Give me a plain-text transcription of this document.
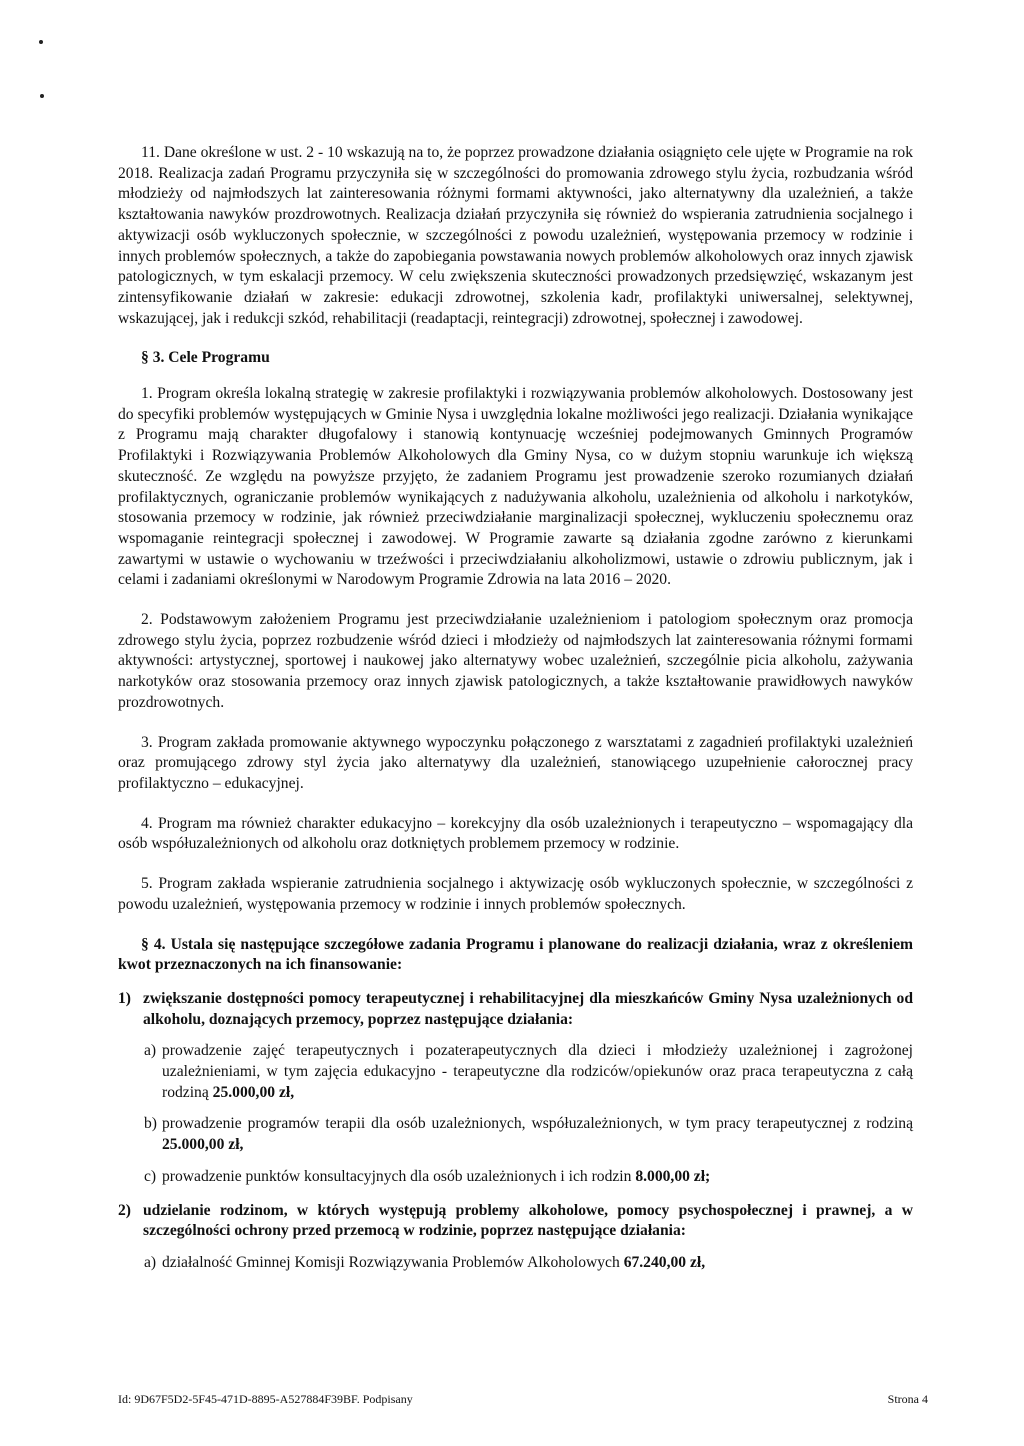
11. Dane określone w ust. 2 - 10 wskazują na to, że poprzez prowadzone działania osiągnięto cele ujęte w Programie na rok 2018. Realizacja zadań Programu przyczyniła się w szczególności do promowania zdrowego stylu życia, rozbudzania wśród młodzieży od najmłodszych lat zainteresowania różnymi formami aktywności, jako alternatywny dla uzależnień, a także kształtowania nawyków prozdrowotnych. Realizacja działań przyczyniła się również do wspierania zatrudnienia socjalnego i aktywizacji osób wykluczonych społecznie, w szczególności z powodu uzależnień, występowania przemocy w rodzinie i innych problemów społecznych, a także do zapobiegania powstawania nowych problemów alkoholowych oraz innych zjawisk patologicznych, w tym eskalacji przemocy. W celu zwiększenia skuteczności prowadzonych przedsięwzięć, wskazanym jest zintensyfikowanie działań w zakresie: edukacji zdrowotnej, szkolenia kadr, profilaktyki uniwersalnej, selektywnej, wskazującej, jak i redukcji szkód, rehabilitacji (readaptacji, reintegracji) zdrowotnej, społecznej i zawodowej.

§ 3. Cele Programu

1. Program określa lokalną strategię w zakresie profilaktyki i rozwiązywania problemów alkoholowych. Dostosowany jest do specyfiki problemów występujących w Gminie Nysa i uwzględnia lokalne możliwości jego realizacji. Działania wynikające z Programu mają charakter długofalowy i stanowią kontynuację wcześniej podejmowanych Gminnych Programów Profilaktyki i Rozwiązywania Problemów Alkoholowych dla Gminy Nysa, co w dużym stopniu warunkuje ich większą skuteczność. Ze względu na powyższe przyjęto, że zadaniem Programu jest prowadzenie szeroko rozumianych działań profilaktycznych, ograniczanie problemów wynikających z nadużywania alkoholu, uzależnienia od alkoholu i narkotyków, stosowania przemocy w rodzinie, jak również przeciwdziałanie marginalizacji społecznej, wykluczeniu społecznemu oraz wspomaganie reintegracji społecznej i zawodowej. W Programie zawarte są działania zgodne zarówno z kierunkami zawartymi w ustawie o wychowaniu w trzeźwości i przeciwdziałaniu alkoholizmowi, ustawie o zdrowiu publicznym, jak i celami i zadaniami określonymi w Narodowym Programie Zdrowia na lata 2016 – 2020.

2. Podstawowym założeniem Programu jest przeciwdziałanie uzależnieniom i patologiom społecznym oraz promocja zdrowego stylu życia, poprzez rozbudzenie wśród dzieci i młodzieży od najmłodszych lat zainteresowania różnymi formami aktywności: artystycznej, sportowej i naukowej jako alternatywy wobec uzależnień, szczególnie picia alkoholu, zażywania narkotyków oraz stosowania przemocy oraz innych zjawisk patologicznych, a także kształtowanie prawidłowych nawyków prozdrowotnych.

3. Program zakłada promowanie aktywnego wypoczynku połączonego z warsztatami z zagadnień profilaktyki uzależnień oraz promującego zdrowy styl życia jako alternatywy dla uzależnień, stanowiącego uzupełnienie całorocznej pracy profilaktyczno – edukacyjnej.

4. Program ma również charakter edukacyjno – korekcyjny dla osób uzależnionych i terapeutyczno – wspomagający dla osób współuzależnionych od alkoholu oraz dotkniętych problemem przemocy w rodzinie.

5. Program zakłada wspieranie zatrudnienia socjalnego i aktywizację osób wykluczonych społecznie, w szczególności z powodu uzależnień, występowania przemocy w rodzinie i innych problemów społecznych.

§ 4. Ustala się następujące szczegółowe zadania Programu i planowane do realizacji działania, wraz z określeniem kwot przeznaczonych na ich finansowanie:

1) zwiększanie dostępności pomocy terapeutycznej i rehabilitacyjnej dla mieszkańców Gminy Nysa uzależnionych od alkoholu, doznających przemocy, poprzez następujące działania:
a) prowadzenie zajęć terapeutycznych i pozaterapeutycznych dla dzieci i młodzieży uzależnionej i zagrożonej uzależnieniami, w tym zajęcia edukacyjno - terapeutyczne dla rodziców/opiekunów oraz praca terapeutyczna z całą rodziną 25.000,00 zł,
b) prowadzenie programów terapii dla osób uzależnionych, współuzależnionych, w tym pracy terapeutycznej z rodziną 25.000,00 zł,
c) prowadzenie punktów konsultacyjnych dla osób uzależnionych i ich rodzin 8.000,00 zł;
2) udzielanie rodzinom, w których występują problemy alkoholowe, pomocy psychospołecznej i prawnej, a w szczególności ochrony przed przemocą w rodzinie, poprzez następujące działania:
a) działalność Gminnej Komisji Rozwiązywania Problemów Alkoholowych 67.240,00 zł,
Id: 9D67F5D2-5F45-471D-8895-A527884F39BF. Podpisany	Strona 4
